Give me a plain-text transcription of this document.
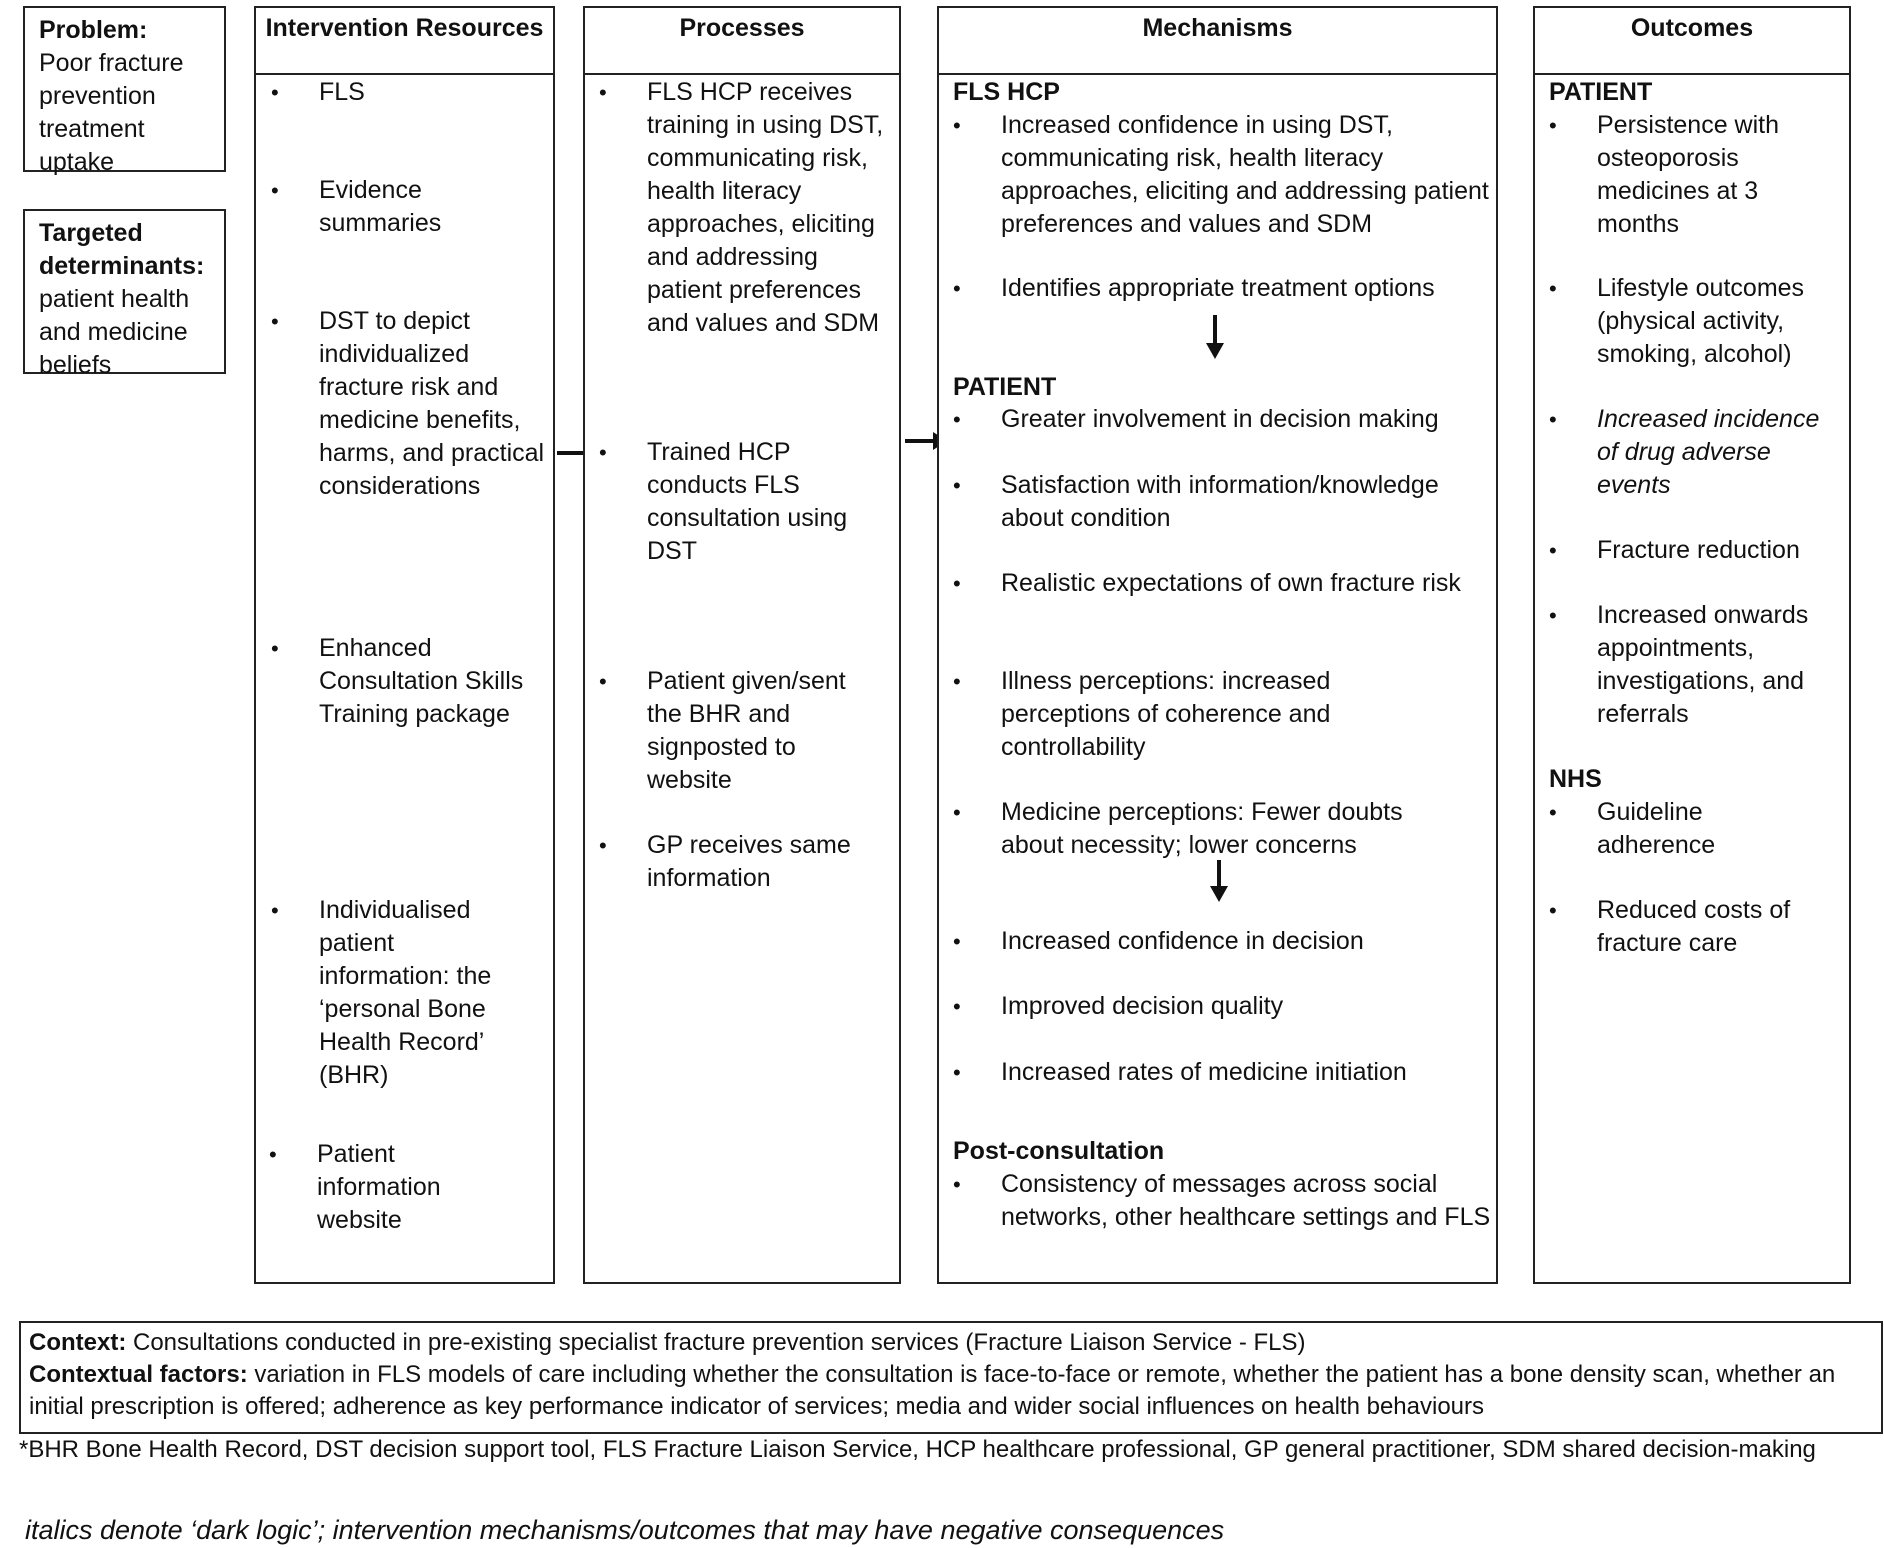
Problem:
Poor fracture prevention treatment uptake
Targeted determinants:
patient health and medicine beliefs
Intervention Resources
• FLS
• Evidence summaries
• DST to depict individualized fracture risk and medicine benefits, harms, and practical considerations
• Enhanced Consultation Skills Training package
• Individualised patient information: the ‘personal Bone Health Record’ (BHR)
• Patient information website
Processes
• FLS HCP receives training in using DST, communicating risk, health literacy approaches, eliciting and addressing patient preferences and values and SDM
• Trained HCP conducts FLS consultation using DST
• Patient given/sent the BHR and signposted to website
• GP receives same information
Mechanisms
FLS HCP
• Increased confidence in using DST, communicating risk, health literacy approaches, eliciting and addressing patient preferences and values and SDM
• Identifies appropriate treatment options
PATIENT
• Greater involvement in decision making
• Satisfaction with information/knowledge about condition
• Realistic expectations of own fracture risk
• Illness perceptions: increased perceptions of coherence and controllability
• Medicine perceptions: Fewer doubts about necessity; lower concerns
• Increased confidence in decision
• Improved decision quality
• Increased rates of medicine initiation
Post-consultation
• Consistency of messages across social networks, other healthcare settings and FLS
Outcomes
PATIENT
• Persistence with osteoporosis medicines at 3 months
• Lifestyle outcomes (physical activity, smoking, alcohol)
• Increased incidence of drug adverse events
• Fracture reduction
• Increased onwards appointments, investigations, and referrals
NHS
• Guideline adherence
• Reduced costs of fracture care
Context: Consultations conducted in pre-existing specialist fracture prevention services (Fracture Liaison Service - FLS)
Contextual factors: variation in FLS models of care including whether the consultation is face-to-face or remote, whether the patient has a bone density scan, whether an initial prescription is offered; adherence as key performance indicator of services; media and wider social influences on health behaviours
*BHR Bone Health Record, DST decision support tool, FLS Fracture Liaison Service, HCP healthcare professional, GP general practitioner, SDM shared decision-making
italics denote ‘dark logic’; intervention mechanisms/outcomes that may have negative consequences
